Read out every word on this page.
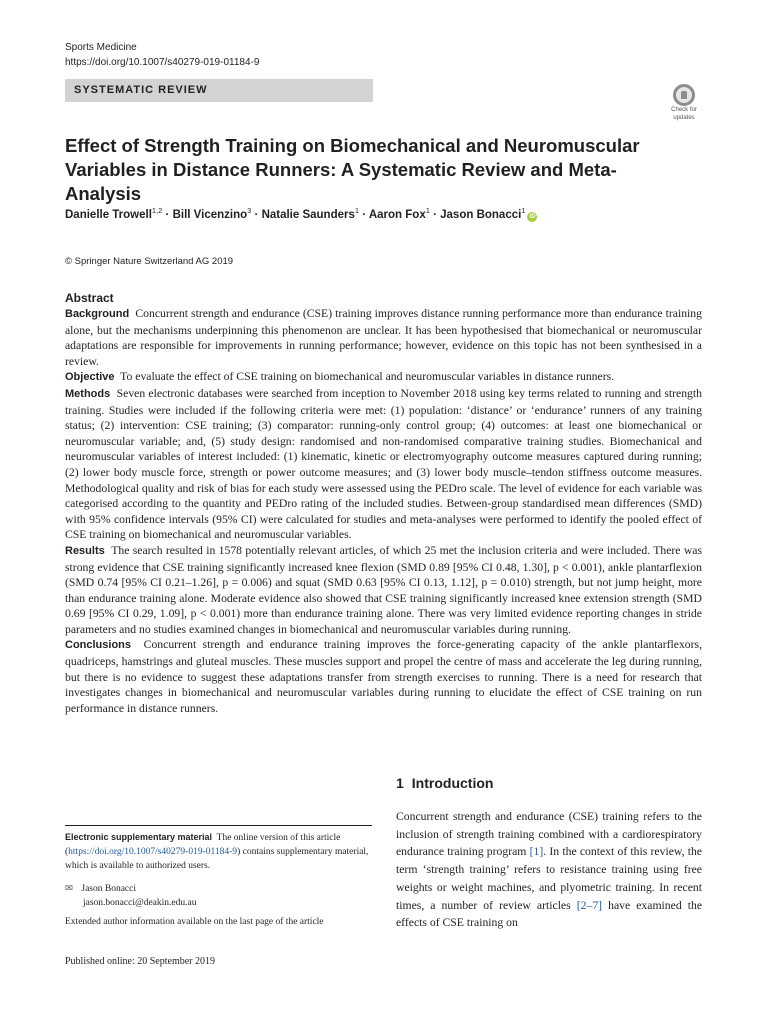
Sports Medicine
https://doi.org/10.1007/s40279-019-01184-9
SYSTEMATIC REVIEW
Check for
updates
Effect of Strength Training on Biomechanical and Neuromuscular Variables in Distance Runners: A Systematic Review and Meta-Analysis
Danielle Trowell$^{1,2}$ · Bill Vicenzino$^3$ · Natalie Saunders$^1$ · Aaron Fox$^1$ · Jason Bonacci$^1$iD
© Springer Nature Switzerland AG 2019
Abstract

Background Concurrent strength and endurance (CSE) training improves distance running performance more than endurance training alone, but the mechanisms underpinning this phenomenon are unclear. It has been hypothesised that biomechanical or neuromuscular adaptations are responsible for improvements in running performance; however, evidence on this topic has not been synthesised in a review.

Objective To evaluate the effect of CSE training on biomechanical and neuromuscular variables in distance runners.

Methods Seven electronic databases were searched from inception to November 2018 using key terms related to running and strength training. Studies were included if the following criteria were met: (1) population: ‘distance’ or ‘endurance’ runners of any training status; (2) intervention: CSE training; (3) comparator: running-only control group; (4) outcomes: at least one biomechanical or neuromuscular variable; and, (5) study design: randomised and non-randomised comparative training studies. Biomechanical and neuromuscular variables of interest included: (1) kinematic, kinetic or electromyography outcome measures captured during running; (2) lower body muscle force, strength or power outcome measures; and (3) lower body muscle–tendon stiffness outcome measures. Methodological quality and risk of bias for each study were assessed using the PEDro scale. The level of evidence for each variable was categorised according to the quantity and PEDro rating of the included studies. Between-group standardised mean differences (SMD) with 95% confidence intervals (95% CI) were calculated for studies and meta-analyses were performed to identify the pooled effect of CSE training on biomechanical and neuromuscular variables.

Results The search resulted in 1578 potentially relevant articles, of which 25 met the inclusion criteria and were included. There was strong evidence that CSE training significantly increased knee flexion (SMD 0.89 [95% CI 0.48, 1.30], p < 0.001), ankle plantarflexion (SMD 0.74 [95% CI 0.21–1.26], p = 0.006) and squat (SMD 0.63 [95% CI 0.13, 1.12], p = 0.010) strength, but not jump height, more than endurance training alone. Moderate evidence also showed that CSE training significantly increased knee extension strength (SMD 0.69 [95% CI 0.29, 1.09], p < 0.001) more than endurance training alone. There was very limited evidence reporting changes in stride parameters and no studies examined changes in biomechanical and neuromuscular variables during running.

Conclusions Concurrent strength and endurance training improves the force-generating capacity of the ankle plantarflexors, quadriceps, hamstrings and gluteal muscles. These muscles support and propel the centre of mass and accelerate the leg during running, but there is no evidence to suggest these adaptations transfer from strength exercises to running. There is a need for research that investigates changes in biomechanical and neuromuscular variables during running to elucidate the effect of CSE training on run performance in distance runners.

1 Introduction

Concurrent strength and endurance (CSE) training refers to the inclusion of strength training combined with a cardiorespiratory endurance training program [1]. In the context of this review, the term ‘strength training’ refers to resistance training using free weights or weight machines, and plyometric training. In recent times, a number of review articles [2–7] have examined the effects of CSE training on

Electronic supplementary material The online version of this article (https://doi.org/10.1007/s40279-019-01184-9) contains supplementary material, which is available to authorized users.
✉ Jason Bonacci
jason.bonacci@deakin.edu.au
Extended author information available on the last page of the article
Published online: 20 September 2019
